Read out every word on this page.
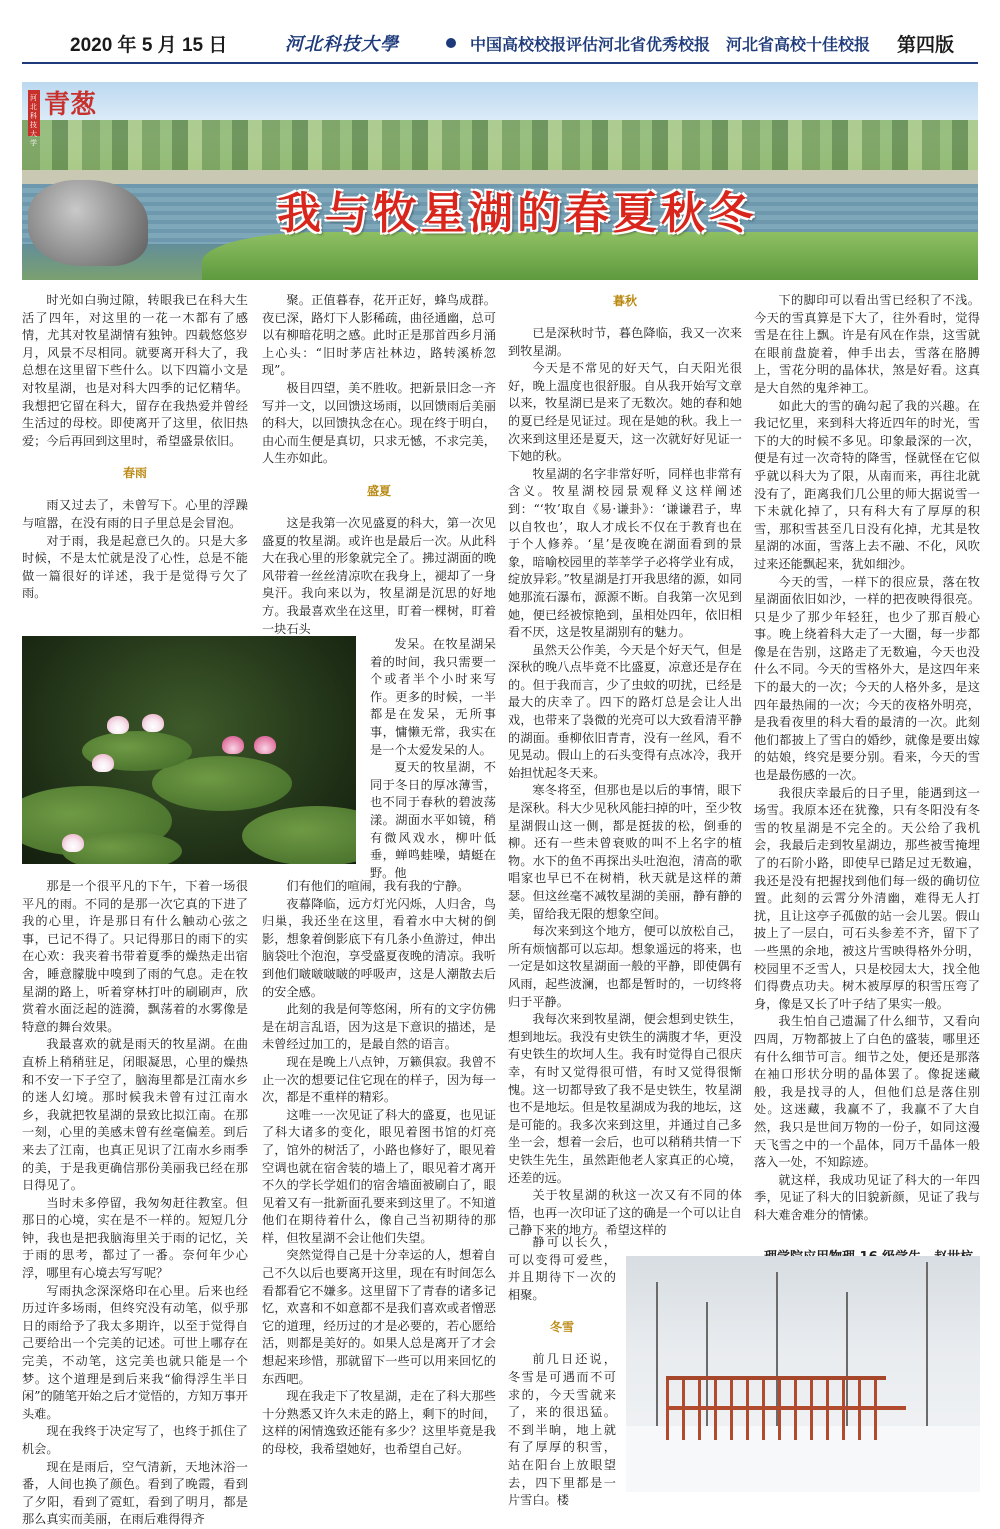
2020 年 5 月 15 日	河北科技大學	中国高校校报评估河北省优秀校报　河北省高校十佳校报 第四版
河北科技大学
青葱
我与牧星湖的春夏秋冬

时光如白驹过隙，转眼我已在科大生活了四年，对这里的一花一木都有了感情，尤其对牧星湖情有独钟。四载悠悠岁月，风景不尽相同。就要离开科大了，我总想在这里留下些什么。以下四篇小文是对牧星湖，也是对科大四季的记忆精华。我想把它留在科大，留存在我热爱并曾经生活过的母校。即使离开了这里，依旧热爱；今后再回到这里时，希望盛景依旧。

春雨

雨又过去了，未曾写下。心里的浮躁与喧嚣，在没有雨的日子里总是会冒泡。

对于雨，我是起意已久的。只是大多时候，不是太忙就是没了心性，总是不能做一篇很好的详述，我于是觉得亏欠了雨。

那是一个很平凡的下午，下着一场很平凡的雨。不同的是那一次它真的下进了我的心里，许是那日有什么触动心弦之事，已记不得了。只记得那日的雨下的实在心欢：我夹着书带着夏季的燥热走出宿舍，睡意朦胧中嗅到了雨的气息。走在牧星湖的路上，听着穿林打叶的刷刷声，欣赏着水面泛起的涟漪，飘荡着的水雾像是特意的舞台效果。

我最喜欢的就是雨天的牧星湖。在曲直桥上稍稍驻足，闭眼凝思，心里的燥热和不安一下子空了，脑海里都是江南水乡的迷人幻境。那时候我未曾有过江南水乡，我就把牧星湖的景致比拟江南。在那一刻，心里的美感未曾有丝毫偏差。到后来去了江南，也真正见识了江南水乡雨季的美，于是我更确信那份美丽我已经在那日得见了。

当时未多停留，我匆匆赶往教室。但那日的心境，实在是不一样的。短短几分钟，我也是把我脑海里关于雨的记忆，关于雨的思考，都过了一番。奈何年少心浮，哪里有心境去写写呢？

写雨执念深深烙印在心里。后来也经历过许多场雨，但终究没有动笔，似乎那日的雨给予了我太多期许，以至于觉得自己要给出一个完美的记述。可世上哪存在完美，不动笔，这完美也就只能是一个梦。这个道理是到后来我“偷得浮生半日闲”的随笔开始之后才觉悟的，方知万事开头难。

现在我终于决定写了，也终于抓住了机会。

现在是雨后，空气清新，天地沐浴一番，人间也换了颜色。看到了晚霞，看到了夕阳，看到了霓虹，看到了明月，都是那么真实而美丽，在雨后难得得齐

聚。正值暮春，花开正好，蜂鸟成群。夜已深，路灯下人影稀疏，曲径通幽，总可以有柳暗花明之感。此时正是那首西乡月涌上心头：“旧时茅店社林边，路转溪桥忽现”。

极目四望，美不胜收。把新景旧念一齐写并一文，以回馈这场雨，以回馈雨后美丽的科大，以回馈执念在心。现在终于明白，由心而生便是真切，只求无憾，不求完美，人生亦如此。

盛夏

这是我第一次见盛夏的科大，第一次见盛夏的牧星湖。或许也是最后一次。从此科大在我心里的形象就完全了。拂过湖面的晚风带着一丝丝清凉吹在我身上，褪却了一身臭汗。我向来以为，牧星湖是沉思的好地方。我最喜欢坐在这里，盯着一棵树，盯着一块石头

发呆。在牧星湖呆着的时间，我只需要一个或者半个小时来写作。更多的时候，一半都是在发呆，无所事事，慵懒无常，我实在是一个太爱发呆的人。

夏天的牧星湖，不同于冬日的厚冰薄雪，也不同于春秋的碧波荡漾。湖面水平如镜，稍有微风戏水，柳叶低垂，蝉鸣蛙噪，蜻蜓在野。他

们有他们的喧闹，我有我的宁静。

夜幕降临，远方灯光闪烁，人归舍，鸟归巢，我还坐在这里，看着水中大树的倒影，想象着倒影底下有几条小鱼游过，伸出脑袋吐个泡泡，享受盛夏夜晚的清凉。我听到他们啵啵啵啵的呼吸声，这是人潮散去后的安全感。

此刻的我是何等悠闲，所有的文字仿佛是在胡言乱语，因为这是下意识的描述，是未曾经过加工的，是最自然的语言。

现在是晚上八点钟，万籁俱寂。我曾不止一次的想要记住它现在的样子，因为每一次，都是不重样的精彩。

这唯一一次见证了科大的盛夏，也见证了科大诸多的变化，眼见着图书馆的灯亮了，馆外的树活了，小路也修好了，眼见着空调也就在宿舍装的墙上了，眼见着才离开不久的学长学姐们的宿舍墙面被刷白了，眼见着又有一批新面孔要来到这里了。不知道他们在期待着什么，像自己当初期待的那样，但牧星湖不会让他们失望。

突然觉得自己是十分幸运的人，想着自己不久以后也要离开这里，现在有时间怎么看都看它不嫌多。这里留下了青春的诸多记忆，欢喜和不如意都不是我们喜欢或者憎恶它的道理，经历过的才是必要的，若心愿给活，则都是美好的。如果人总是离开了才会想起来珍惜，那就留下一些可以用来回忆的东西吧。

现在我走下了牧星湖，走在了科大那些十分熟悉又许久未走的路上，剩下的时间，这样的闲情逸致还能有多少？这里毕竟是我的母校，我希望她好，也希望自己好。

暮秋

已是深秋时节，暮色降临，我又一次来到牧星湖。

今天是不常见的好天气，白天阳光很好，晚上温度也很舒服。自从我开始写文章以来，牧星湖已是来了无数次。她的春和她的夏已经是见证过。现在是她的秋。我上一次来到这里还是夏天，这一次就好好见证一下她的秋。

牧星湖的名字非常好听，同样也非常有含义。牧星湖校园景观释义这样阐述到：“‘牧’取自《易·谦卦》：‘谦谦君子，卑以自牧也’，取人才成长不仅在于教育也在于个人修养。‘星’是夜晚在湖面看到的景象，暗喻校园里的莘莘学子必将学业有成，绽放异彩。”牧星湖是打开我思绪的源，如同她那流石瀑布，源源不断。自我第一次见到她，便已经被惊艳到，虽相处四年，依旧相看不厌，这是牧星湖别有的魅力。

虽然天公作美，今天是个好天气，但是深秋的晚八点毕竟不比盛夏，凉意还是存在的。但于我而言，少了虫蚊的叨扰，已经是最大的庆幸了。四下的路灯总是会让人出戏，也带来了袅微的光亮可以大致看清平静的湖面。垂柳依旧青青，没有一丝风，看不见晃动。假山上的石头变得有点冰冷，我开始担忧起冬天来。

寒冬将至，但那也是以后的事情，眼下是深秋。科大少见秋风能扫掉的叶，至少牧星湖假山这一侧，都是挺拔的松，倒垂的柳。还有一些未曾衰败的叫不上名字的植物。水下的鱼不再探出头吐泡泡，清高的歌唱家也早已不在树梢，秋天就是这样的萧瑟。但这丝毫不减牧星湖的美丽，静有静的美，留给我无限的想象空间。

每次来到这个地方，便可以放松自己，所有烦恼都可以忘却。想象遥远的将来，也一定是如这牧星湖面一般的平静，即使偶有风雨，起些波澜，也都是暂时的，一切终将归于平静。

我每次来到牧星湖，便会想到史铁生，想到地坛。我没有史铁生的满腹才华，更没有史铁生的坎坷人生。我有时觉得自己很庆幸，有时又觉得很可惜，有时又觉得很惭愧。这一切都导致了我不是史铁生，牧星湖也不是地坛。但是牧星湖成为我的地坛，这是可能的。我多次来到这里，并通过自己多坐一会，想着一会后，也可以稍稍共情一下史铁生先生，虽然距他老人家真正的心境，还差的远。

关于牧星湖的秋这一次又有不同的体悟，也再一次印证了这的确是一个可以让自己静下来的地方。希望这样的

静可以长久，可以变得可爱些，并且期待下一次的相聚。

冬雪

前几日还说，冬雪是可遇而不可求的，今天雪就来了，来的很迅猛。不到半晌，地上就有了厚厚的积雪，站在阳台上放眼望去，四下里都是一片雪白。楼

下的脚印可以看出雪已经积了不浅。今天的雪真算是下大了，往外看时，觉得雪是在往上飘。许是有风在作祟，这雪就在眼前盘旋着，伸手出去，雪落在胳膊上，雪花分明的晶体状，煞是好看。这真是大自然的鬼斧神工。

如此大的雪的确勾起了我的兴趣。在我记忆里，来到科大将近四年的时光，雪下的大的时候不多见。印象最深的一次，便是有过一次奇特的降雪，怪就怪在它似乎就以科大为了限，从南而来，再往北就没有了，距离我们几公里的师大据说雪一下未就化掉了，只有科大有了厚厚的积雪，那积雪甚至几日没有化掉，尤其是牧星湖的冰面，雪落上去不融、不化，风吹过来还能飘起来，犹如细沙。

今天的雪，一样下的很应景，落在牧星湖面依旧如沙，一样的把夜映得很亮。只是少了那少年轻狂，也少了那百般心事。晚上绕着科大走了一大圈，每一步都像是在告别，这路走了无数遍，今天也没什么不同。今天的雪格外大，是这四年来下的最大的一次；今天的人格外多，是这四年最热闹的一次；今天的夜格外明亮，是我看夜里的科大看的最清的一次。此刻他们都披上了雪白的婚纱，就像是要出嫁的姑娘，终究是要分别。看来，今天的雪也是最伤感的一次。

我很庆幸最后的日子里，能遇到这一场雪。我原本还在犹豫，只有冬阳没有冬雪的牧星湖是不完全的。天公给了我机会，我最后走到牧星湖边，那些被雪掩埋了的石阶小路，即使早已踏足过无数遍，我还是没有把握找到他们每一级的确切位置。此刻的云霄分外清幽，难得无人打扰，且让这亭子孤傲的站一会儿罢。假山披上了一层白，可石头参差不齐，留下了一些黑的余地，被这片雪映得格外分明，校园里不乏雪人，只是校园太大，找全他们得费点功夫。树木被厚厚的积雪压弯了身，像是又长了叶子结了果实一般。

我生怕自己遗漏了什么细节，又看向四周，万物都披上了白色的盛装，哪里还有什么细节可言。细节之处，便还是那落在袖口形状分明的晶体罢了。像捉迷藏般，我是找寻的人，但他们总是落住别处。这迷藏，我赢不了，我赢不了大自然，我只是世间万物的一份子，如同这漫天飞雪之中的一个晶体，同万千晶体一般落入一处，不知踪迹。

就这样，我成功见证了科大的一年四季，见证了科大的旧貌新颜，见证了我与科大难舍难分的情愫。
